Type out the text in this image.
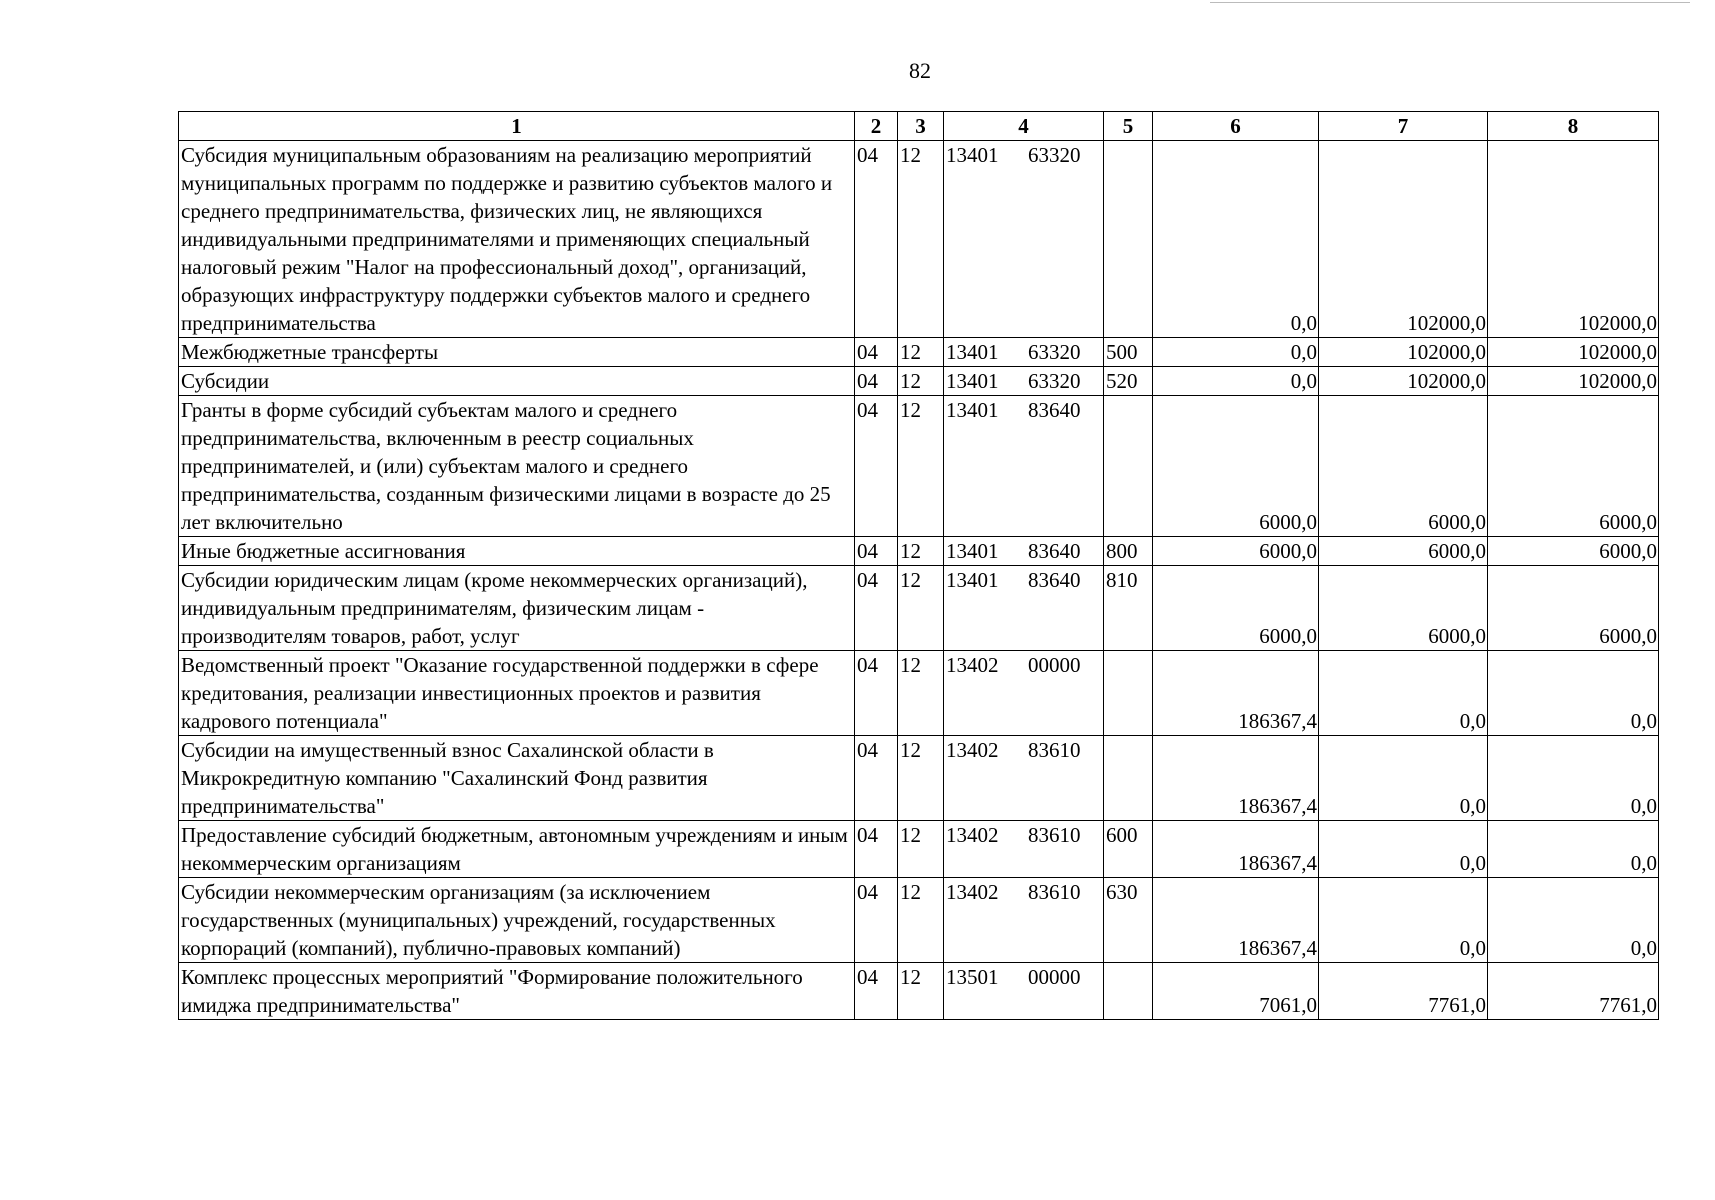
82
1	2	3	4	5	6	7	8
Субсидия муниципальным образованиям на реализацию мероприятий муниципальных программ по поддержке и развитию субъектов малого и среднего предпринимательства, физических лиц, не являющихся индивидуальными предпринимателями и применяющих специальный налоговый режим "Налог на профессиональный доход", организаций, образующих инфраструктуру поддержки субъектов малого и среднего предпринимательства	04	12	13401 63320		0,0	102000,0	102000,0
Межбюджетные трансферты	04	12	13401 63320	500	0,0	102000,0	102000,0
Субсидии	04	12	13401 63320	520	0,0	102000,0	102000,0
Гранты в форме субсидий субъектам малого и среднего предпринимательства, включенным в реестр социальных предпринимателей, и (или) субъектам малого и среднего предпринимательства, созданным физическими лицами в возрасте до 25 лет включительно	04	12	13401 83640		6000,0	6000,0	6000,0
Иные бюджетные ассигнования	04	12	13401 83640	800	6000,0	6000,0	6000,0
Субсидии юридическим лицам (кроме некоммерческих организаций), индивидуальным предпринимателям, физическим лицам - производителям товаров, работ, услуг	04	12	13401 83640	810	6000,0	6000,0	6000,0
Ведомственный проект "Оказание государственной поддержки в сфере кредитования, реализации инвестиционных проектов и развития кадрового потенциала"	04	12	13402 00000		186367,4	0,0	0,0
Субсидии на имущественный взнос Сахалинской области в Микрокредитную компанию "Сахалинский Фонд развития предпринимательства"	04	12	13402 83610		186367,4	0,0	0,0
Предоставление субсидий бюджетным, автономным учреждениям и иным некоммерческим организациям	04	12	13402 83610	600	186367,4	0,0	0,0
Субсидии некоммерческим организациям (за исключением государственных (муниципальных) учреждений, государственных корпораций (компаний), публично-правовых компаний)	04	12	13402 83610	630	186367,4	0,0	0,0
Комплекс процессных мероприятий "Формирование положительного имиджа предпринимательства"	04	12	13501 00000		7061,0	7761,0	7761,0
